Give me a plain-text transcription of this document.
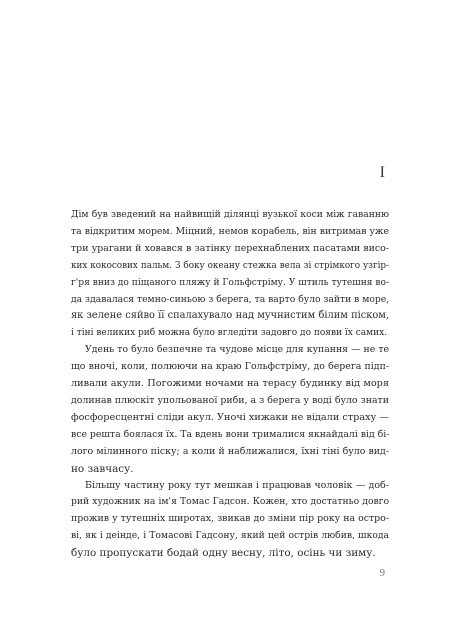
I

Дім був зведений на найвищій ділянці вузької коси між гаванню
та відкритим морем. Міцний, немов корабель, він витримав уже
три урагани й ховався в затінку перехнаблених пасатами висо-
ких кокосових пальм. З боку океану стежка вела зі стрімкого узгір-
г'ря вниз до піщаного пляжу й Гольфстріму. У штиль тутешня во-
да здавалася темно-синьою з берега, та варто було зайти в море,
як зелене сяйво її спалахувало над мучнистим білим піском,
і тіні великих риб можна було вгледіти задовго до появи їх самих.

Удень то було безпечне та чудове місце для купання — не те
що вночі, коли, полюючи на краю Гольфстріму, до берега підп-
ливали акули. Погожими ночами на терасу будинку від моря
долинав плюскіт упольованої риби, а з берега у воді було знати
фосфоресцентні сліди акул. Уночі хижаки не відали страху —
все решта боялася їх. Та вдень вони трималися якнайдалі від бі-
лого мілинного піску; а коли й наближалися, їхні тіні було вид-
но завчасу.

Більшу частину року тут мешкав і працював чоловік — доб-
рий художник на ім'я Томас Гадсон. Кожен, хто достатньо довго
прожив у тутешніх широтах, звикав до зміни пір року на остро-
ві, як і деінде, і Томасові Гадсону, який цей острів любив, шкода
було пропускати бодай одну весну, літо, осінь чи зиму.

9
